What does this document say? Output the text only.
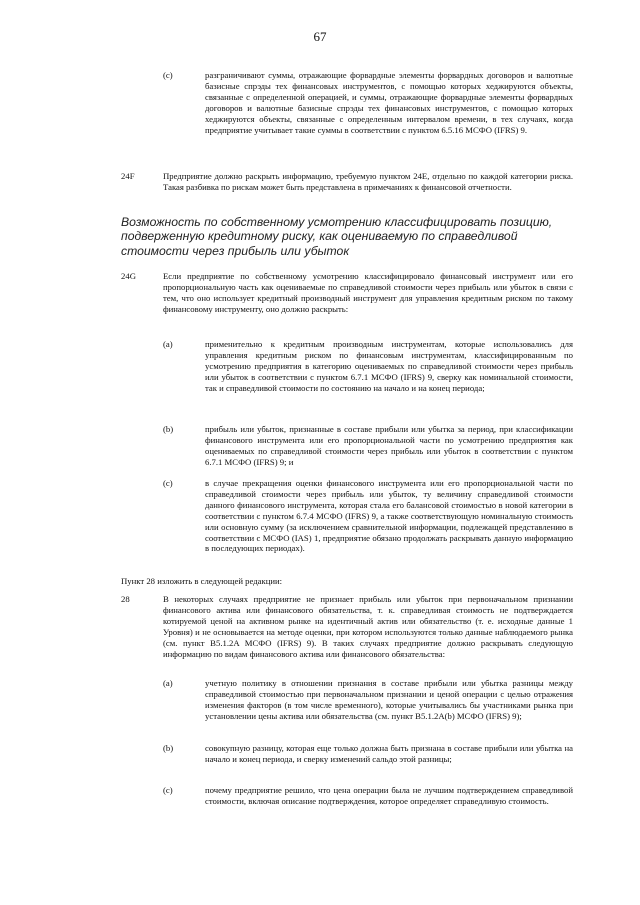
67
(c)	разграничивают суммы, отражающие форвардные элементы форвардных договоров и валютные базисные спрэды тех финансовых инструментов, с помощью которых хеджируются объекты, связанные с определенной операцией, и суммы, отражающие форвардные элементы форвардных договоров и валютные базисные спрэды тех финансовых инструментов, с помощью которых хеджируются объекты, связанные с определенным интервалом времени, в тех случаях, когда предприятие учитывает такие суммы в соответствии с пунктом 6.5.16 МСФО (IFRS) 9.

24F	Предприятие должно раскрыть информацию, требуемую пунктом 24Е, отдельно по каждой категории риска. Такая разбивка по рискам может быть представлена в примечаниях к финансовой отчетности.

Возможность по собственному усмотрению классифицировать позицию, подверженную кредитному риску, как оцениваемую по справедливой стоимости через прибыль или убыток
24G	Если предприятие по собственному усмотрению классифицировало финансовый инструмент или его пропорциональную часть как оцениваемые по справедливой стоимости через прибыль или убыток в связи с тем, что оно использует кредитный производный инструмент для управления кредитным риском по такому финансовому инструменту, оно должно раскрыть:

(a)	применительно к кредитным производным инструментам, которые использовались для управления кредитным риском по финансовым инструментам, классифицированным по усмотрению предприятия в категорию оцениваемых по справедливой стоимости через прибыль или убыток в соответствии с пунктом 6.7.1 МСФО (IFRS) 9, сверку как номинальной стоимости, так и справедливой стоимости по состоянию на начало и на конец периода;

(b)	прибыль или убыток, признанные в составе прибыли или убытка за период, при классификации финансового инструмента или его пропорциональной части по усмотрению предприятия как оцениваемых по справедливой стоимости через прибыль или убыток в соответствии с пунктом 6.7.1 МСФО (IFRS) 9; и

(c)	в случае прекращения оценки финансового инструмента или его пропорциональной части по справедливой стоимости через прибыль или убыток, ту величину справедливой стоимости данного финансового инструмента, которая стала его балансовой стоимостью в новой категории в соответствии с пунктом 6.7.4 МСФО (IFRS) 9, а также соответствующую номинальную стоимость или основную сумму (за исключением сравнительной информации, подлежащей представлению в соответствии с МСФО (IAS) 1, предприятие обязано продолжать раскрывать данную информацию в последующих периодах).

Пункт 28 изложить в следующей редакции:

28	В некоторых случаях предприятие не признает прибыль или убыток при первоначальном признании финансового актива или финансового обязательства, т. к. справедливая стоимость не подтверждается котируемой ценой на активном рынке на идентичный актив или обязательство (т. е. исходные данные 1 Уровня) и не основывается на методе оценки, при котором используются только данные наблюдаемого рынка (см. пункт B5.1.2A МСФО (IFRS) 9). В таких случаях предприятие должно раскрывать следующую информацию по видам финансового актива или финансового обязательства:

(a)	учетную политику в отношении признания в составе прибыли или убытка разницы между справедливой стоимостью при первоначальном признании и ценой операции с целью отражения изменения факторов (в том числе временного), которые учитывались бы участниками рынка при установлении цены актива или обязательства (см. пункт B5.1.2A(b) МСФО (IFRS) 9);

(b)	совокупную разницу, которая еще только должна быть признана в составе прибыли или убытка на начало и конец периода, и сверку изменений сальдо этой разницы;

(c)	почему предприятие решило, что цена операции была не лучшим подтверждением справедливой стоимости, включая описание подтверждения, которое определяет справедливую стоимость.
